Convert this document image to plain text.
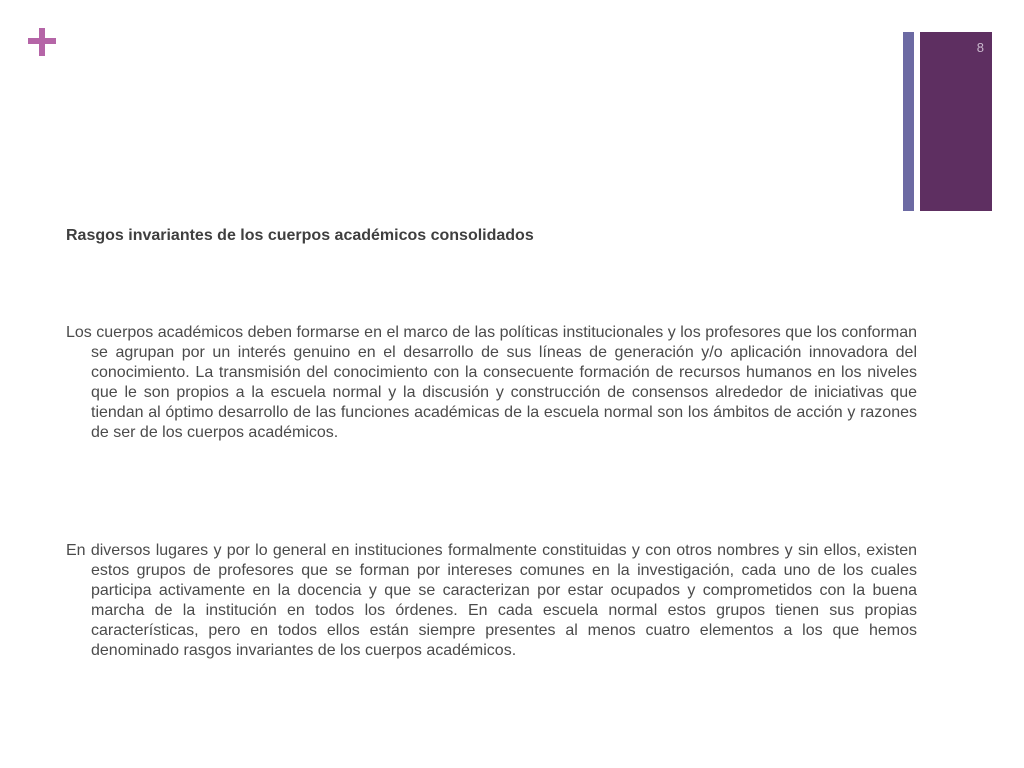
8
Rasgos invariantes de los cuerpos académicos consolidados

Los cuerpos académicos deben formarse en el marco de las políticas institucionales y los profesores que los conforman se agrupan por un interés genuino en el desarrollo de sus líneas de generación y/o aplicación innovadora del conocimiento. La transmisión del conocimiento con la consecuente formación de recursos humanos en los niveles que le son propios a la escuela normal y la discusión y construcción de consensos alrededor de iniciativas que tiendan al óptimo desarrollo de las funciones académicas de la escuela normal son los ámbitos de acción y razones de ser de los cuerpos académicos.

En diversos lugares y por lo general en instituciones formalmente constituidas y con otros nombres y sin ellos, existen estos grupos de profesores que se forman por intereses comunes en la investigación, cada uno de los cuales participa activamente en la docencia y que se caracterizan por estar ocupados y comprometidos con la buena marcha de la institución en todos los órdenes. En cada escuela normal estos grupos tienen sus propias características, pero en todos ellos están siempre presentes al menos cuatro elementos a los que hemos denominado rasgos invariantes de los cuerpos académicos.
